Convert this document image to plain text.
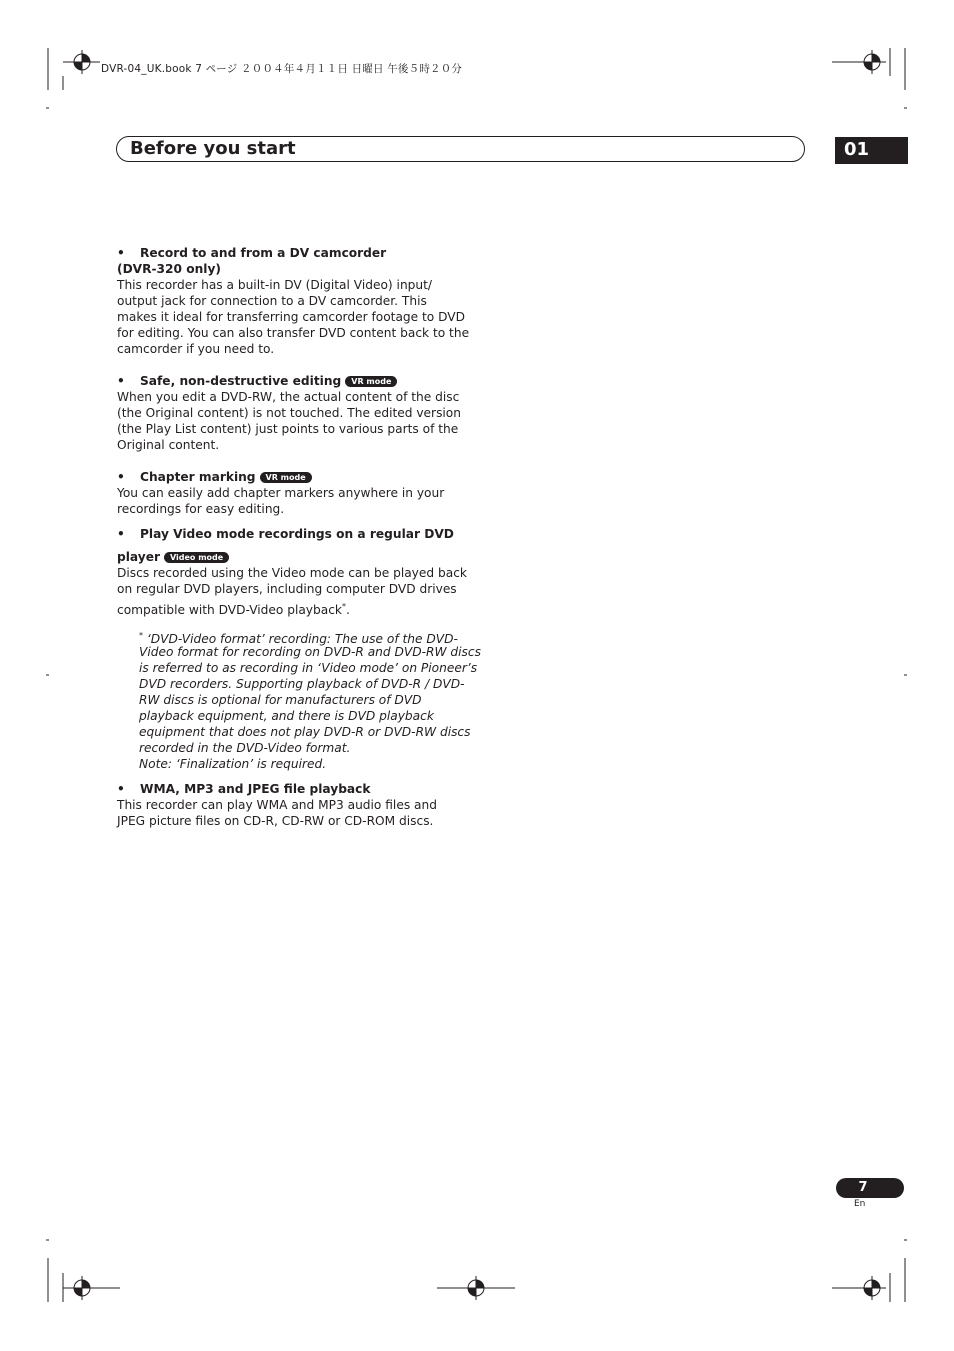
DVR-04_UK.book 7 ページ ２００４年４月１１日 日曜日 午後５時２０分
Before you start	01
• Record to and from a DV camcorder
(DVR-320 only)
This recorder has a built-in DV (Digital Video) input/
output jack for connection to a DV camcorder. This
makes it ideal for transferring camcorder footage to DVD
for editing. You can also transfer DVD content back to the
camcorder if you need to.
• Safe, non-destructive editing VR mode
When you edit a DVD-RW, the actual content of the disc
(the Original content) is not touched. The edited version
(the Play List content) just points to various parts of the
Original content.
• Chapter marking VR mode
You can easily add chapter markers anywhere in your
recordings for easy editing.
• Play Video mode recordings on a regular DVD
player Video mode
Discs recorded using the Video mode can be played back
on regular DVD players, including computer DVD drives
compatible with DVD-Video playback*.
* ‘DVD-Video format’ recording: The use of the DVD-
Video format for recording on DVD-R and DVD-RW discs
is referred to as recording in ‘Video mode’ on Pioneer’s
DVD recorders. Supporting playback of DVD-R / DVD-
RW discs is optional for manufacturers of DVD
playback equipment, and there is DVD playback
equipment that does not play DVD-R or DVD-RW discs
recorded in the DVD-Video format.
Note: ‘Finalization’ is required.
• WMA, MP3 and JPEG file playback
This recorder can play WMA and MP3 audio files and
JPEG picture files on CD-R, CD-RW or CD-ROM discs.
7
En
